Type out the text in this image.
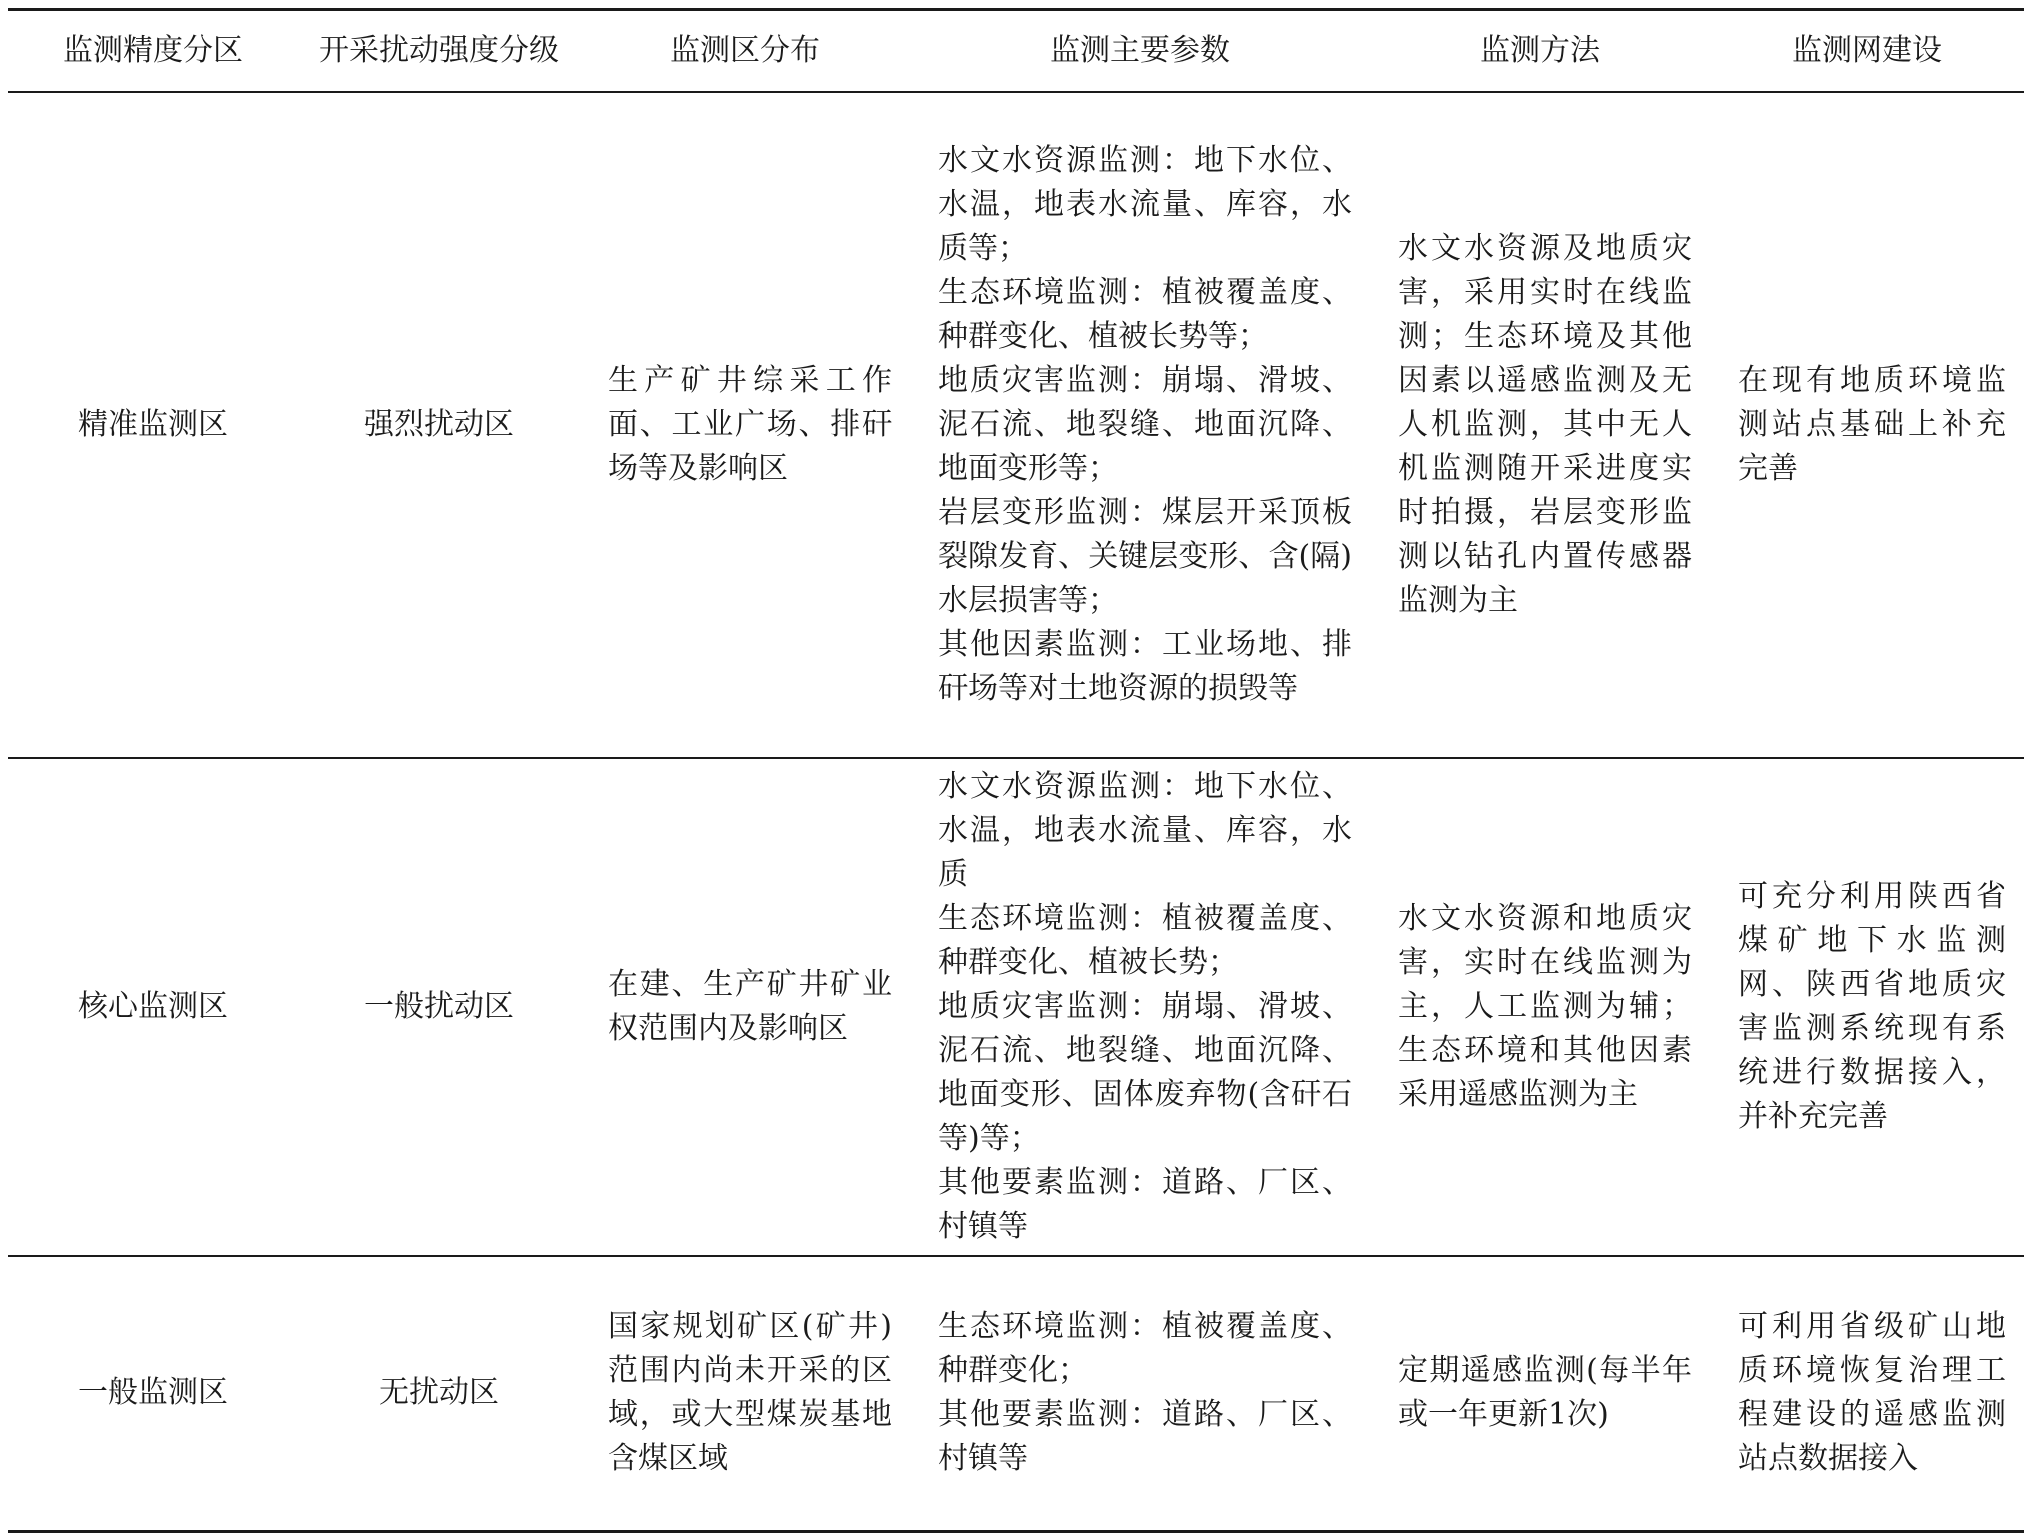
监测精度分区	开采扰动强度分级	监测区分布	监测主要参数	监测方法	监测网建设
精准监测区	强烈扰动区	生产矿井综采工作面、工业广场、排矸场等及影响区	水文水资源监测：地下水位、水温，地表水流量、库容，水质等；
生态环境监测：植被覆盖度、种群变化、植被长势等；
地质灾害监测：崩塌、滑坡、泥石流、地裂缝、地面沉降、地面变形等；
岩层变形监测：煤层开采顶板裂隙发育、关键层变形、含(隔)水层损害等；
其他因素监测：工业场地、排矸场等对土地资源的损毁等	水文水资源及地质灾害，采用实时在线监测；生态环境及其他因素以遥感监测及无人机监测，其中无人机监测随开采进度实时拍摄，岩层变形监测以钻孔内置传感器监测为主	在现有地质环境监测站点基础上补充完善
核心监测区	一般扰动区	在建、生产矿井矿业权范围内及影响区	水文水资源监测：地下水位、水温，地表水流量、库容，水质
生态环境监测：植被覆盖度、种群变化、植被长势；
地质灾害监测：崩塌、滑坡、泥石流、地裂缝、地面沉降、地面变形、固体废弃物(含矸石等)等；
其他要素监测：道路、厂区、村镇等	水文水资源和地质灾害，实时在线监测为主，人工监测为辅；生态环境和其他因素采用遥感监测为主	可充分利用陕西省煤矿地下水监测网、陕西省地质灾害监测系统现有系统进行数据接入，并补充完善
一般监测区	无扰动区	国家规划矿区(矿井)范围内尚未开采的区域，或大型煤炭基地含煤区域	生态环境监测：植被覆盖度、种群变化；
其他要素监测：道路、厂区、村镇等	定期遥感监测(每半年或一年更新1次)	可利用省级矿山地质环境恢复治理工程建设的遥感监测站点数据接入
